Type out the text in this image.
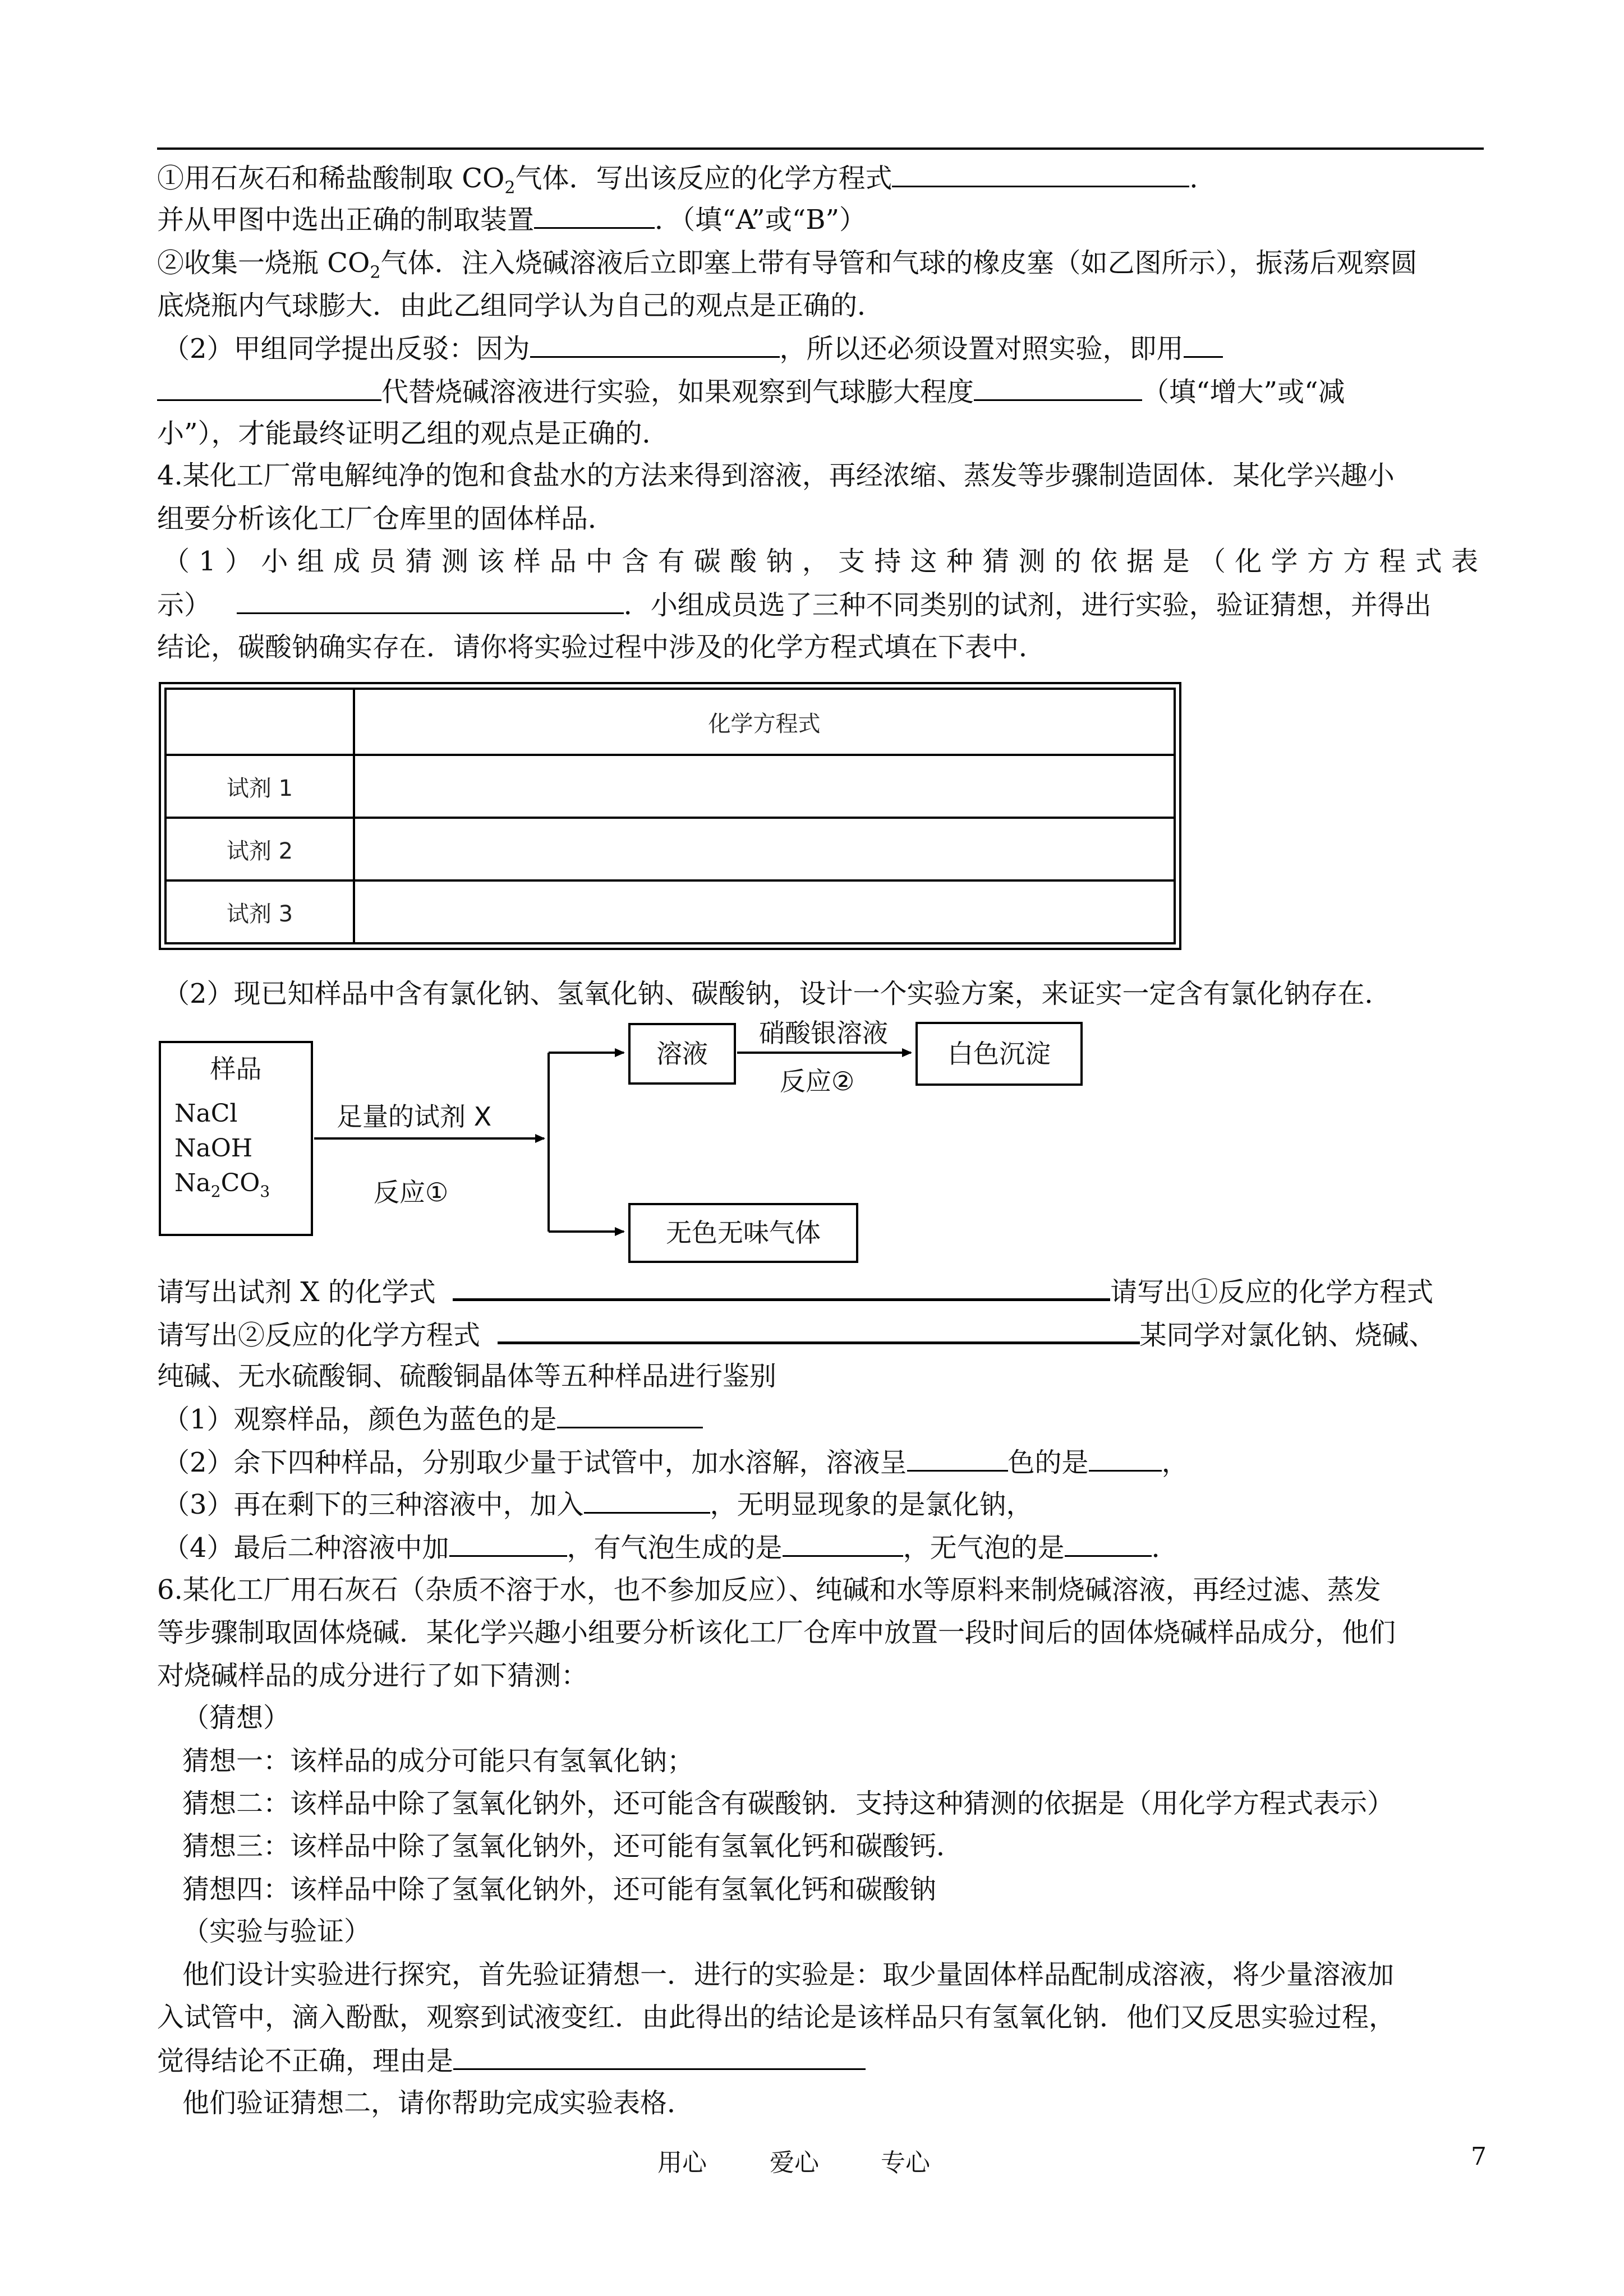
①用石灰石和稀盐酸制取 $CO_2$气体．写出该反应的化学方程式	．
并从甲图中选出正确的制取装置	．（填“A”或“B”）
②收集一烧瓶 $CO_2$气体．注入烧碱溶液后立即塞上带有导管和气球的橡皮塞（如乙图所示），振荡后观察圆
底烧瓶内气球膨大．由此乙组同学认为自己的观点是正确的．
（2）甲组同学提出反驳：因为	，所以还必须设置对照实验，即用
代替烧碱溶液进行实验，如果观察到气球膨大程度	（填“增大”或“减
小”），才能最终证明乙组的观点是正确的．
4.某化工厂常电解纯净的饱和食盐水的方法来得到溶液，再经浓缩、蒸发等步骤制造固体．某化学兴趣小
组要分析该化工厂仓库里的固体样品．
（1）小组成员猜测该样品中含有碳酸钠，支持这种猜测的依据是（化学方方程式表
示）	．小组成员选了三种不同类别的试剂，进行实验，验证猜想，并得出
结论，碳酸钠确实存在．请你将实验过程中涉及的化学方程式填在下表中．
	化学方程式
试剂 1	
试剂 2	
试剂 3	
（2）现已知样品中含有氯化钠、氢氧化钠、碳酸钠，设计一个实验方案，来证实一定含有氯化钠存在．
样品
NaCl
NaOH
$Na_2CO_3$
足量的试剂 X
反应①
硝酸银溶液
反应②
溶液	白色沉淀
无色无味气体
请写出试剂 X 的化学式	请写出①反应的化学方程式
请写出②反应的化学方程式	某同学对氯化钠、烧碱、
纯碱、无水硫酸铜、硫酸铜晶体等五种样品进行鉴别
（1）观察样品，颜色为蓝色的是
（2）余下四种样品，分别取少量于试管中，加水溶解，溶液呈	色的是	，
（3）再在剩下的三种溶液中，加入	，无明显现象的是氯化钠，
（4）最后二种溶液中加	，有气泡生成的是	，无气泡的是	．
6.某化工厂用石灰石（杂质不溶于水，也不参加反应）、纯碱和水等原料来制烧碱溶液，再经过滤、蒸发
等步骤制取固体烧碱．某化学兴趣小组要分析该化工厂仓库中放置一段时间后的固体烧碱样品成分，他们
对烧碱样品的成分进行了如下猜测：
（猜想）
猜想一：该样品的成分可能只有氢氧化钠；
猜想二：该样品中除了氢氧化钠外，还可能含有碳酸钠．支持这种猜测的依据是（用化学方程式表示）
猜想三：该样品中除了氢氧化钠外，还可能有氢氧化钙和碳酸钙．
猜想四：该样品中除了氢氧化钠外，还可能有氢氧化钙和碳酸钠
（实验与验证）
他们设计实验进行探究，首先验证猜想一．进行的实验是：取少量固体样品配制成溶液，将少量溶液加
入试管中，滴入酚酞，观察到试液变红．由此得出的结论是该样品只有氢氧化钠．他们又反思实验过程，
觉得结论不正确，理由是
他们验证猜想二，请你帮助完成实验表格．
用心	爱心	专心	7
